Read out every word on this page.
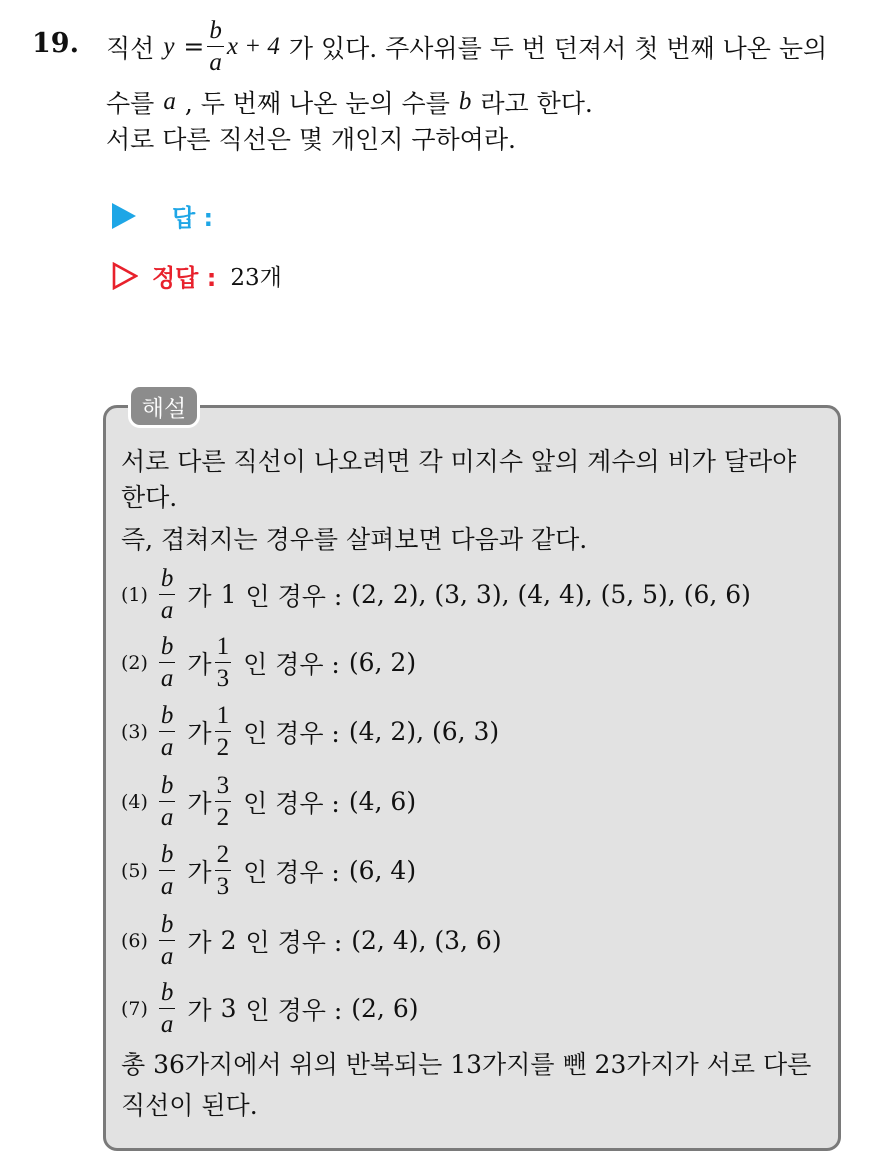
19. 직선 $y = \frac{b}{a}$ x + 4 가 있다. 주사위를 두 번 던져서 첫 번째 나온 눈의
수를 a , 두 번째 나온 눈의 수를 b 라고 한다.
서로 다른 직선은 몇 개인지 구하여라.
답 :
정답 : 23개
해설
서로 다른 직선이 나오려면 각 미지수 앞의 계수의 비가 달라야
한다.
즉, 겹쳐지는 경우를 살펴보면 다음과 같다.
$(1) \frac{b}{a}$ 가 1 인 경우 : (2, 2), (3, 3), (4, 4), (5, 5), (6, 6)
$(2) \frac{b}{a}$ 가 $\frac{1}{3}$ 인 경우 : (6, 2)
$(3) \frac{b}{a}$ 가 $\frac{1}{2}$ 인 경우 : (4, 2), (6, 3)
$(4) \frac{b}{a}$ 가 $\frac{3}{2}$ 인 경우 : (4, 6)
$(5) \frac{b}{a}$ 가 $\frac{2}{3}$ 인 경우 : (6, 4)
$(6) \frac{b}{a}$ 가 2 인 경우 : (2, 4), (3, 6)
$(7) \frac{b}{a}$ 가 3 인 경우 : (2, 6)
총 36가지에서 위의 반복되는 13가지를 뺀 23가지가 서로 다른
직선이 된다.
